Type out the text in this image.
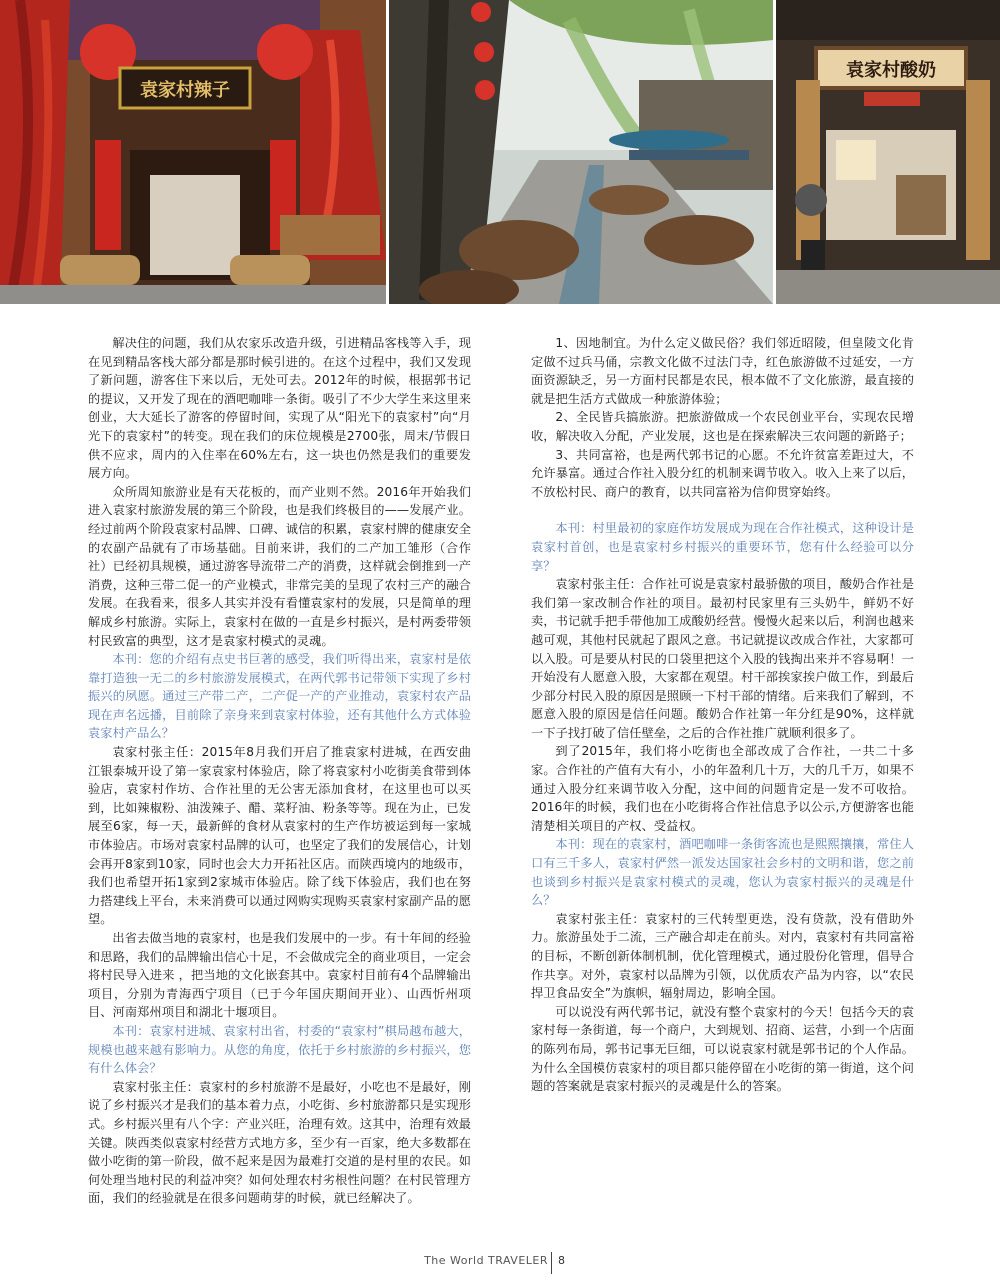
袁家村辣子
袁家村酸奶

解决住的问题，我们从农家乐改造升级，引进精品客栈等入手，现在见到精品客栈大部分都是那时候引进的。在这个过程中，我们又发现了新问题，游客住下来以后，无处可去。2012年的时候，根据郭书记的提议，又开发了现在的酒吧咖啡一条街。吸引了不少大学生来这里来创业，大大延长了游客的停留时间，实现了从“阳光下的袁家村”向“月光下的袁家村”的转变。现在我们的床位规模是2700张，周末/节假日供不应求，周内的入住率在60%左右，这一块也仍然是我们的重要发展方向。

众所周知旅游业是有天花板的，而产业则不然。2016年开始我们进入袁家村旅游发展的第三个阶段，也是我们终极目的——发展产业。经过前两个阶段袁家村品牌、口碑、诚信的积累，袁家村牌的健康安全的农副产品就有了市场基础。目前来讲，我们的二产加工雏形（合作社）已经初具规模，通过游客导流带二产的消费，这样就会倒推到一产消费，这种三带二促一的产业模式，非常完美的呈现了农村三产的融合发展。在我看来，很多人其实并没有看懂袁家村的发展，只是简单的理解成乡村旅游。实际上，袁家村在做的一直是乡村振兴，是村两委带领村民致富的典型，这才是袁家村模式的灵魂。

本刊：您的介绍有点史书巨著的感受，我们听得出来，袁家村是依靠打造独一无二的乡村旅游发展模式，在两代郭书记带领下实现了乡村振兴的夙愿。通过三产带二产，二产促一产的产业推动，袁家村农产品现在声名远播，目前除了亲身来到袁家村体验，还有其他什么方式体验袁家村产品么？

袁家村张主任：2015年8月我们开启了推袁家村进城，在西安曲江银泰城开设了第一家袁家村体验店，除了将袁家村小吃街美食带到体验店，袁家村作坊、合作社里的无公害无添加食材，在这里也可以买到，比如辣椒粉、油泼辣子、醋、菜籽油、粉条等等。现在为止，已发展至6家，每一天，最新鲜的食材从袁家村的生产作坊被运到每一家城市体验店。市场对袁家村品牌的认可，也坚定了我们的发展信心，计划会再开8家到10家，同时也会大力开拓社区店。而陕西境内的地级市，我们也希望开拓1家到2家城市体验店。除了线下体验店，我们也在努力搭建线上平台，未来消费可以通过网购实现购买袁家村家副产品的愿望。

出省去做当地的袁家村，也是我们发展中的一步。有十年间的经验和思路，我们的品牌输出信心十足，不会做成完全的商业项目，一定会将村民导入进来 ，把当地的文化嵌套其中。袁家村目前有4个品牌输出项目，分别为青海西宁项目（已于今年国庆期间开业）、山西忻州项目、河南郑州项目和湖北十堰项目。

本刊：袁家村进城、袁家村出省，村委的“袁家村”棋局越布越大，规模也越来越有影响力。从您的角度，依托于乡村旅游的乡村振兴，您有什么体会？

袁家村张主任：袁家村的乡村旅游不是最好，小吃也不是最好，刚说了乡村振兴才是我们的基本着力点，小吃街、乡村旅游都只是实现形式。乡村振兴里有八个字：产业兴旺，治理有效。这其中，治理有效最关键。陕西类似袁家村经营方式地方多，至少有一百家，绝大多数都在做小吃街的第一阶段，做不起来是因为最难打交道的是村里的农民。如何处理当地村民的利益冲突？如何处理农村劣根性问题？在村民管理方面，我们的经验就是在很多问题萌芽的时候，就已经解决了。

1、因地制宜。为什么定义做民俗？我们邻近昭陵，但皇陵文化肯定做不过兵马俑，宗教文化做不过法门寺，红色旅游做不过延安，一方面资源缺乏，另一方面村民都是农民，根本做不了文化旅游，最直接的就是把生活方式做成一种旅游体验；

2、全民皆兵搞旅游。把旅游做成一个农民创业平台，实现农民增收，解决收入分配，产业发展，这也是在探索解决三农问题的新路子；

3、共同富裕，也是两代郭书记的心愿。不允许贫富差距过大，不允许暴富。通过合作社入股分红的机制来调节收入。收入上来了以后，不放松村民、商户的教育，以共同富裕为信仰贯穿始终。

本刊：村里最初的家庭作坊发展成为现在合作社模式，这种设计是袁家村首创，也是袁家村乡村振兴的重要环节，您有什么经验可以分享？

袁家村张主任：合作社可说是袁家村最骄傲的项目，酸奶合作社是我们第一家改制合作社的项目。最初村民家里有三头奶牛，鲜奶不好卖，书记就手把手带他加工成酸奶经营。慢慢火起来以后，利润也越来越可观，其他村民就起了跟风之意。书记就提议改成合作社，大家都可以入股。可是要从村民的口袋里把这个入股的钱掏出来并不容易啊！一开始没有人愿意入股，大家都在观望。村干部挨家挨户做工作，到最后少部分村民入股的原因是照顾一下村干部的情绪。后来我们了解到，不愿意入股的原因是信任问题。酸奶合作社第一年分红是90%，这样就一下子找打破了信任壁垒，之后的合作社推广就顺利很多了。

到了2015年，我们将小吃街也全部改成了合作社，一共二十多家。合作社的产值有大有小，小的年盈利几十万，大的几千万，如果不通过入股分红来调节收入分配，这中间的问题肯定是一发不可收拾。2016年的时候，我们也在小吃街将合作社信息予以公示,方便游客也能清楚相关项目的产权、受益权。

本刊：现在的袁家村，酒吧咖啡一条街客流也是熙熙攘攘，常住人口有三千多人，袁家村俨然一派发达国家社会乡村的文明和谐，您之前也谈到乡村振兴是袁家村模式的灵魂，您认为袁家村振兴的灵魂是什么？

袁家村张主任：袁家村的三代转型更迭，没有贷款，没有借助外力。旅游虽处于二流，三产融合却走在前头。对内，袁家村有共同富裕的目标，不断创新体制机制，优化管理模式，通过股份化管理，倡导合作共享。对外，袁家村以品牌为引领，以优质农产品为内容，以“农民捍卫食品安全”为旗帜，辐射周边，影响全国。

可以说没有两代郭书记，就没有整个袁家村的今天！包括今天的袁家村每一条街道，每一个商户，大到规划、招商、运营，小到一个店面的陈列布局，郭书记事无巨细，可以说袁家村就是郭书记的个人作品。为什么全国模仿袁家村的项目都只能停留在小吃街的第一街道，这个问题的答案就是袁家村振兴的灵魂是什么的答案。

The World TRAVELER 8
